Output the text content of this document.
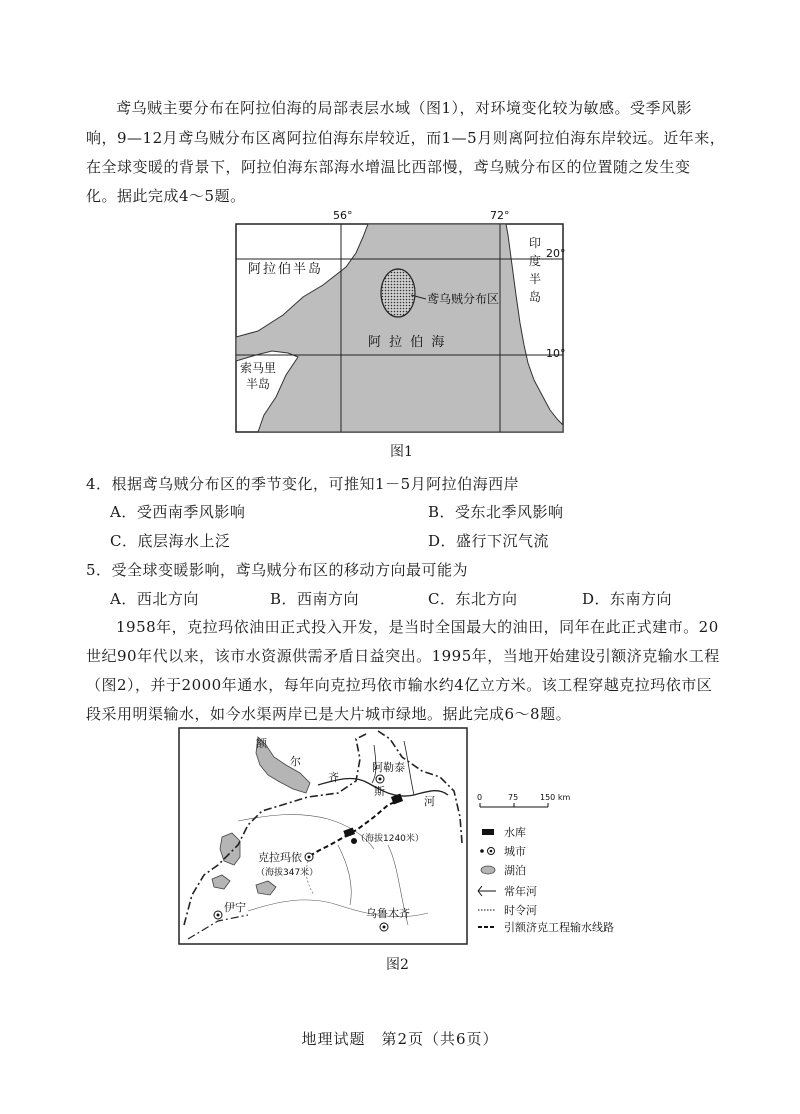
鸢乌贼主要分布在阿拉伯海的局部表层水域（图1），对环境变化较为敏感。受季风影
响，9—12月鸢乌贼分布区离阿拉伯海东岸较近，而1—5月则离阿拉伯海东岸较远。近年来，
在全球变暖的背景下，阿拉伯海东部海水增温比西部慢，鸢乌贼分布区的位置随之发生变
化。据此完成4～5题。
56°	72°
20°
10°
阿拉伯半岛
印
度
半
岛
鸢乌贼分布区
阿 拉 伯 海
索马里
半岛
图1
4．根据鸢乌贼分布区的季节变化，可推知1－5月阿拉伯海西岸
A．受西南季风影响	B．受东北季风影响
C．底层海水上泛	D．盛行下沉气流
5．受全球变暖影响，鸢乌贼分布区的移动方向最可能为
A．西北方向	B．西南方向	C．东北方向	D．东南方向
1958年，克拉玛依油田正式投入开发，是当时全国最大的油田，同年在此正式建市。20
世纪90年代以来，该市水资源供需矛盾日益突出。1995年，当地开始建设引额济克输水工程
（图2），并于2000年通水，每年向克拉玛依市输水约4亿立方米。该工程穿越克拉玛依市区
段采用明渠输水，如今水渠两岸已是大片城市绿地。据此完成6～8题。
额
尔
齐
斯
河
阿勒泰
（海拔1240米）
克拉玛依
（海拔347米）
伊宁	乌鲁木齐
0	75	150 km
水库
城市
湖泊
常年河
时令河
引额济克工程输水线路
图2
地理试题　第2页（共6页）
